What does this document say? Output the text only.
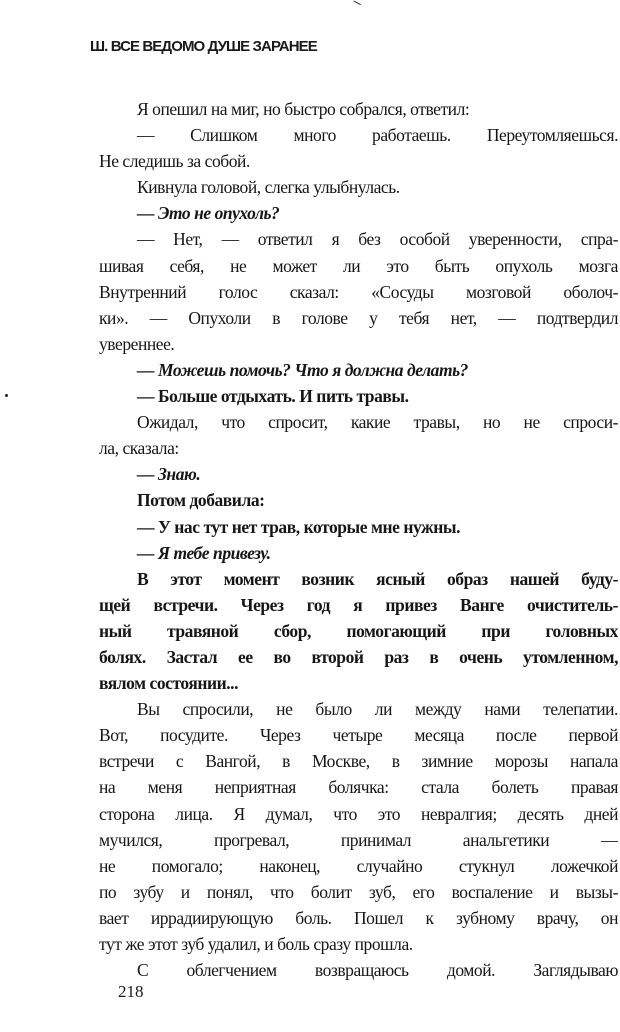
Ш. ВСЕ ВЕДОМО ДУШЕ ЗАРАНЕЕ
Я опешил на миг, но быстро собрался, ответил:
— Слишком много работаешь. Переутомляешься.
Не следишь за собой.
Кивнула головой, слегка улыбнулась.
— Это не опухоль?
— Нет, — ответил я без особой уверенности, спра-
шивая себя, не может ли это быть опухоль мозга
Внутренний голос сказал: «Сосуды мозговой оболоч-
ки». — Опухоли в голове у тебя нет, — подтвердил
увереннее.
— Можешь помочь? Что я должна делать?
— Больше отдыхать. И пить травы.
Ожидал, что спросит, какие травы, но не спроси-
ла, сказала:
— Знаю.
Потом добавила:
— У нас тут нет трав, которые мне нужны.
— Я тебе привезу.
В этот момент возник ясный образ нашей буду-
щей встречи. Через год я привез Ванге очиститель-
ный травяной сбор, помогающий при головных
болях. Застал ее во второй раз в очень утомленном,
вялом состоянии...
Вы спросили, не было ли между нами телепатии.
Вот, посудите. Через четыре месяца после первой
встречи с Вангой, в Москве, в зимние морозы напала
на меня неприятная болячка: стала болеть правая
сторона лица. Я думал, что это невралгия; десять дней
мучился, прогревал, принимал анальгетики —
не помогало; наконец, случайно стукнул ложечкой
по зубу и понял, что болит зуб, его воспаление и вызы-
вает иррадиирующую боль. Пошел к зубному врачу, он
тут же этот зуб удалил, и боль сразу прошла.
С облегчением возвращаюсь домой. Заглядываю
218
